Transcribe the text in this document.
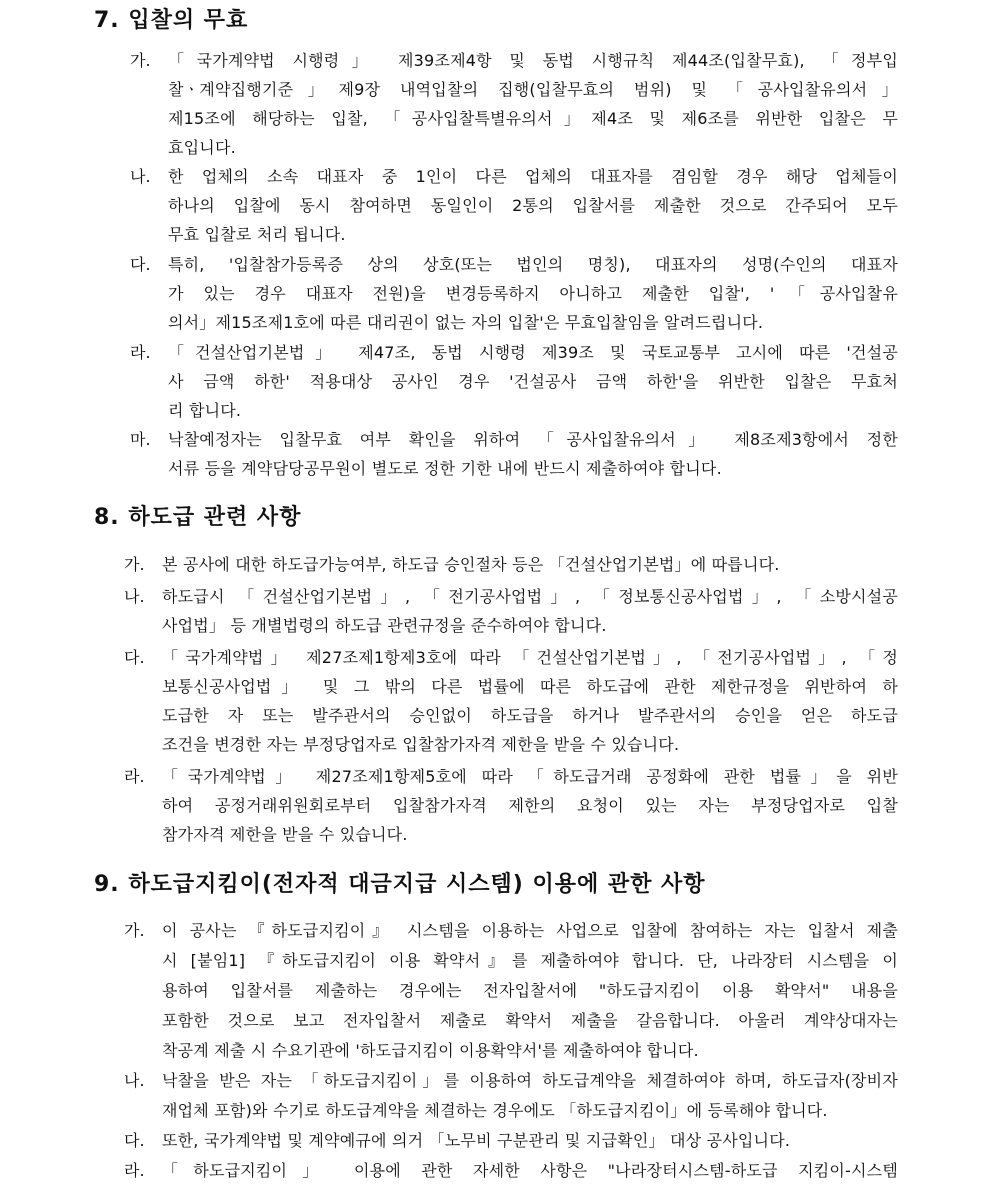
7. 입찰의 무효
가. 「국가계약법 시행령」 제39조제4항 및 동법 시행규칙 제44조(입찰무효), 「정부입
찰ㆍ계약집행기준」제9장 내역입찰의 집행(입찰무효의 범위) 및 「공사입찰유의서」
제15조에 해당하는 입찰, 「공사입찰특별유의서」제4조 및 제6조를 위반한 입찰은 무
효입니다.
나. 한 업체의 소속 대표자 중 1인이 다른 업체의 대표자를 겸임할 경우 해당 업체들이
하나의 입찰에 동시 참여하면 동일인이 2통의 입찰서를 제출한 것으로 간주되어 모두
무효 입찰로 처리 됩니다.
다. 특히, '입찰참가등록증 상의 상호(또는 법인의 명칭), 대표자의 성명(수인의 대표자
가 있는 경우 대표자 전원)을 변경등록하지 아니하고 제출한 입찰', '「공사입찰유
의서」제15조제1호에 따른 대리권이 없는 자의 입찰'은 무효입찰임을 알려드립니다.
라. 「건설산업기본법」 제47조, 동법 시행령 제39조 및 국토교통부 고시에 따른 '건설공
사 금액 하한' 적용대상 공사인 경우 '건설공사 금액 하한'을 위반한 입찰은 무효처
리 합니다.
마. 낙찰예정자는 입찰무효 여부 확인을 위하여 「공사입찰유의서」 제8조제3항에서 정한
서류 등을 계약담당공무원이 별도로 정한 기한 내에 반드시 제출하여야 합니다.
8. 하도급 관련 사항
가. 본 공사에 대한 하도급가능여부, 하도급 승인절차 등은 「건설산업기본법」에 따릅니다.
나. 하도급시 「건설산업기본법」, 「전기공사업법」, 「정보통신공사업법」, 「소방시설공
사업법」 등 개별법령의 하도급 관련규정을 준수하여야 합니다.
다. 「국가계약법」 제27조제1항제3호에 따라 「건설산업기본법」, 「전기공사업법」, 「정
보통신공사업법」 및 그 밖의 다른 법률에 따른 하도급에 관한 제한규정을 위반하여 하
도급한 자 또는 발주관서의 승인없이 하도급을 하거나 발주관서의 승인을 얻은 하도급
조건을 변경한 자는 부정당업자로 입찰참가자격 제한을 받을 수 있습니다.
라. 「국가계약법」 제27조제1항제5호에 따라 「하도급거래 공정화에 관한 법률」을 위반
하여 공정거래위원회로부터 입찰참가자격 제한의 요청이 있는 자는 부정당업자로 입찰
참가자격 제한을 받을 수 있습니다.
9. 하도급지킴이(전자적 대금지급 시스템) 이용에 관한 사항
가. 이 공사는 『하도급지킴이』 시스템을 이용하는 사업으로 입찰에 참여하는 자는 입찰서 제출
시 [붙임1] 『하도급지킴이 이용 확약서』를 제출하여야 합니다. 단, 나라장터 시스템을 이
용하여 입찰서를 제출하는 경우에는 전자입찰서에 "하도급지킴이 이용 확약서" 내용을
포함한 것으로 보고 전자입찰서 제출로 확약서 제출을 갈음합니다. 아울러 계약상대자는
착공계 제출 시 수요기관에 '하도급지킴이 이용확약서'를 제출하여야 합니다.
나. 낙찰을 받은 자는 「하도급지킴이」를 이용하여 하도급계약을 체결하여야 하며, 하도급자(장비자
재업체 포함)와 수기로 하도급계약을 체결하는 경우에도 「하도급지킴이」에 등록해야 합니다.
다. 또한, 국가계약법 및 계약예규에 의거 「노무비 구분관리 및 지급확인」 대상 공사입니다.
라. 「하도급지킴이」 이용에 관한 자세한 사항은 "나라장터시스템-하도급 지킴이-시스템
